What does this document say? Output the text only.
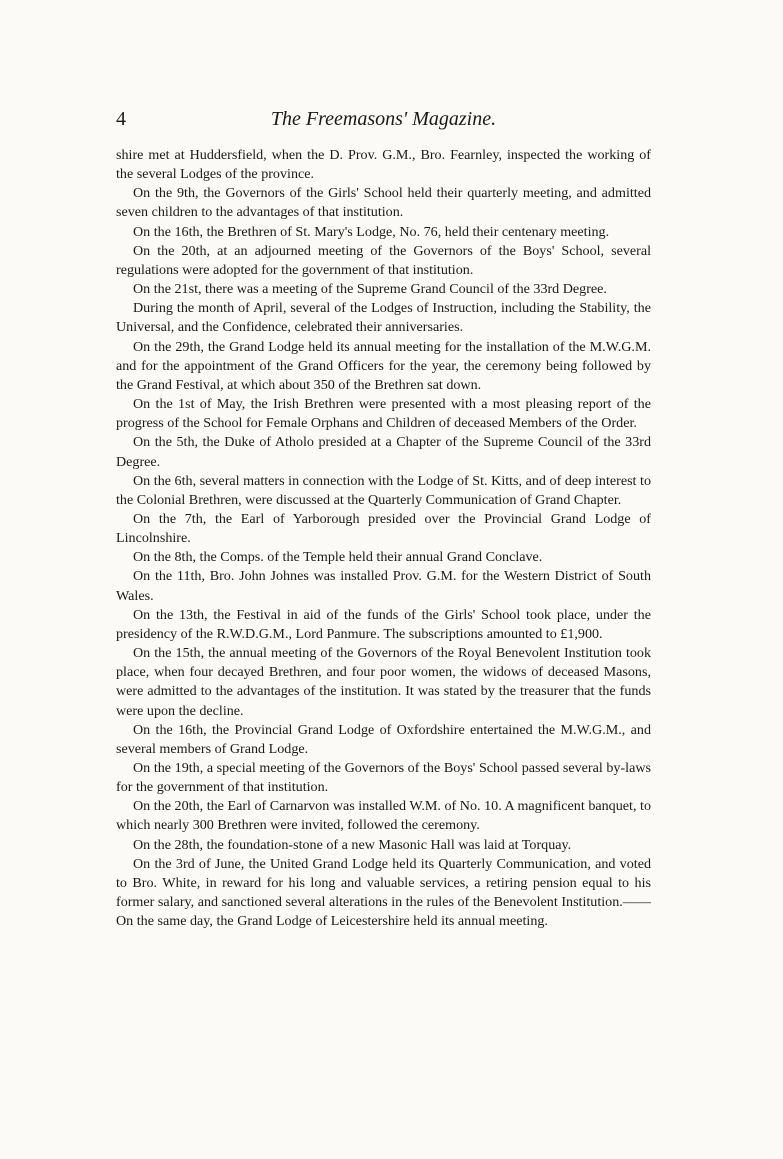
4	The Freemasons' Magazine.

shire met at Huddersfield, when the D. Prov. G.M., Bro. Fearnley, inspected the working of the several Lodges of the province.

On the 9th, the Governors of the Girls' School held their quarterly meeting, and admitted seven children to the advantages of that institution.

On the 16th, the Brethren of St. Mary's Lodge, No. 76, held their centenary meeting.

On the 20th, at an adjourned meeting of the Governors of the Boys' School, several regulations were adopted for the government of that institution.

On the 21st, there was a meeting of the Supreme Grand Council of the 33rd Degree.

During the month of April, several of the Lodges of Instruction, including the Stability, the Universal, and the Confidence, celebrated their anniversaries.

On the 29th, the Grand Lodge held its annual meeting for the installation of the M.W.G.M. and for the appointment of the Grand Officers for the year, the ceremony being followed by the Grand Festival, at which about 350 of the Brethren sat down.

On the 1st of May, the Irish Brethren were presented with a most pleasing report of the progress of the School for Female Orphans and Children of deceased Members of the Order.

On the 5th, the Duke of Atholo presided at a Chapter of the Supreme Council of the 33rd Degree.

On the 6th, several matters in connection with the Lodge of St. Kitts, and of deep interest to the Colonial Brethren, were discussed at the Quarterly Communication of Grand Chapter.

On the 7th, the Earl of Yarborough presided over the Provincial Grand Lodge of Lincolnshire.

On the 8th, the Comps. of the Temple held their annual Grand Conclave.

On the 11th, Bro. John Johnes was installed Prov. G.M. for the Western District of South Wales.

On the 13th, the Festival in aid of the funds of the Girls' School took place, under the presidency of the R.W.D.G.M., Lord Panmure. The subscriptions amounted to £1,900.

On the 15th, the annual meeting of the Governors of the Royal Benevolent Institution took place, when four decayed Brethren, and four poor women, the widows of deceased Masons, were admitted to the advantages of the institution. It was stated by the treasurer that the funds were upon the decline.

On the 16th, the Provincial Grand Lodge of Oxfordshire entertained the M.W.G.M., and several members of Grand Lodge.

On the 19th, a special meeting of the Governors of the Boys' School passed several by-laws for the government of that institution.

On the 20th, the Earl of Carnarvon was installed W.M. of No. 10. A magnificent banquet, to which nearly 300 Brethren were invited, followed the ceremony.

On the 28th, the foundation-stone of a new Masonic Hall was laid at Torquay.

On the 3rd of June, the United Grand Lodge held its Quarterly Communication, and voted to Bro. White, in reward for his long and valuable services, a retiring pension equal to his former salary, and sanctioned several alterations in the rules of the Benevolent Institution.——On the same day, the Grand Lodge of Leicestershire held its annual meeting.
